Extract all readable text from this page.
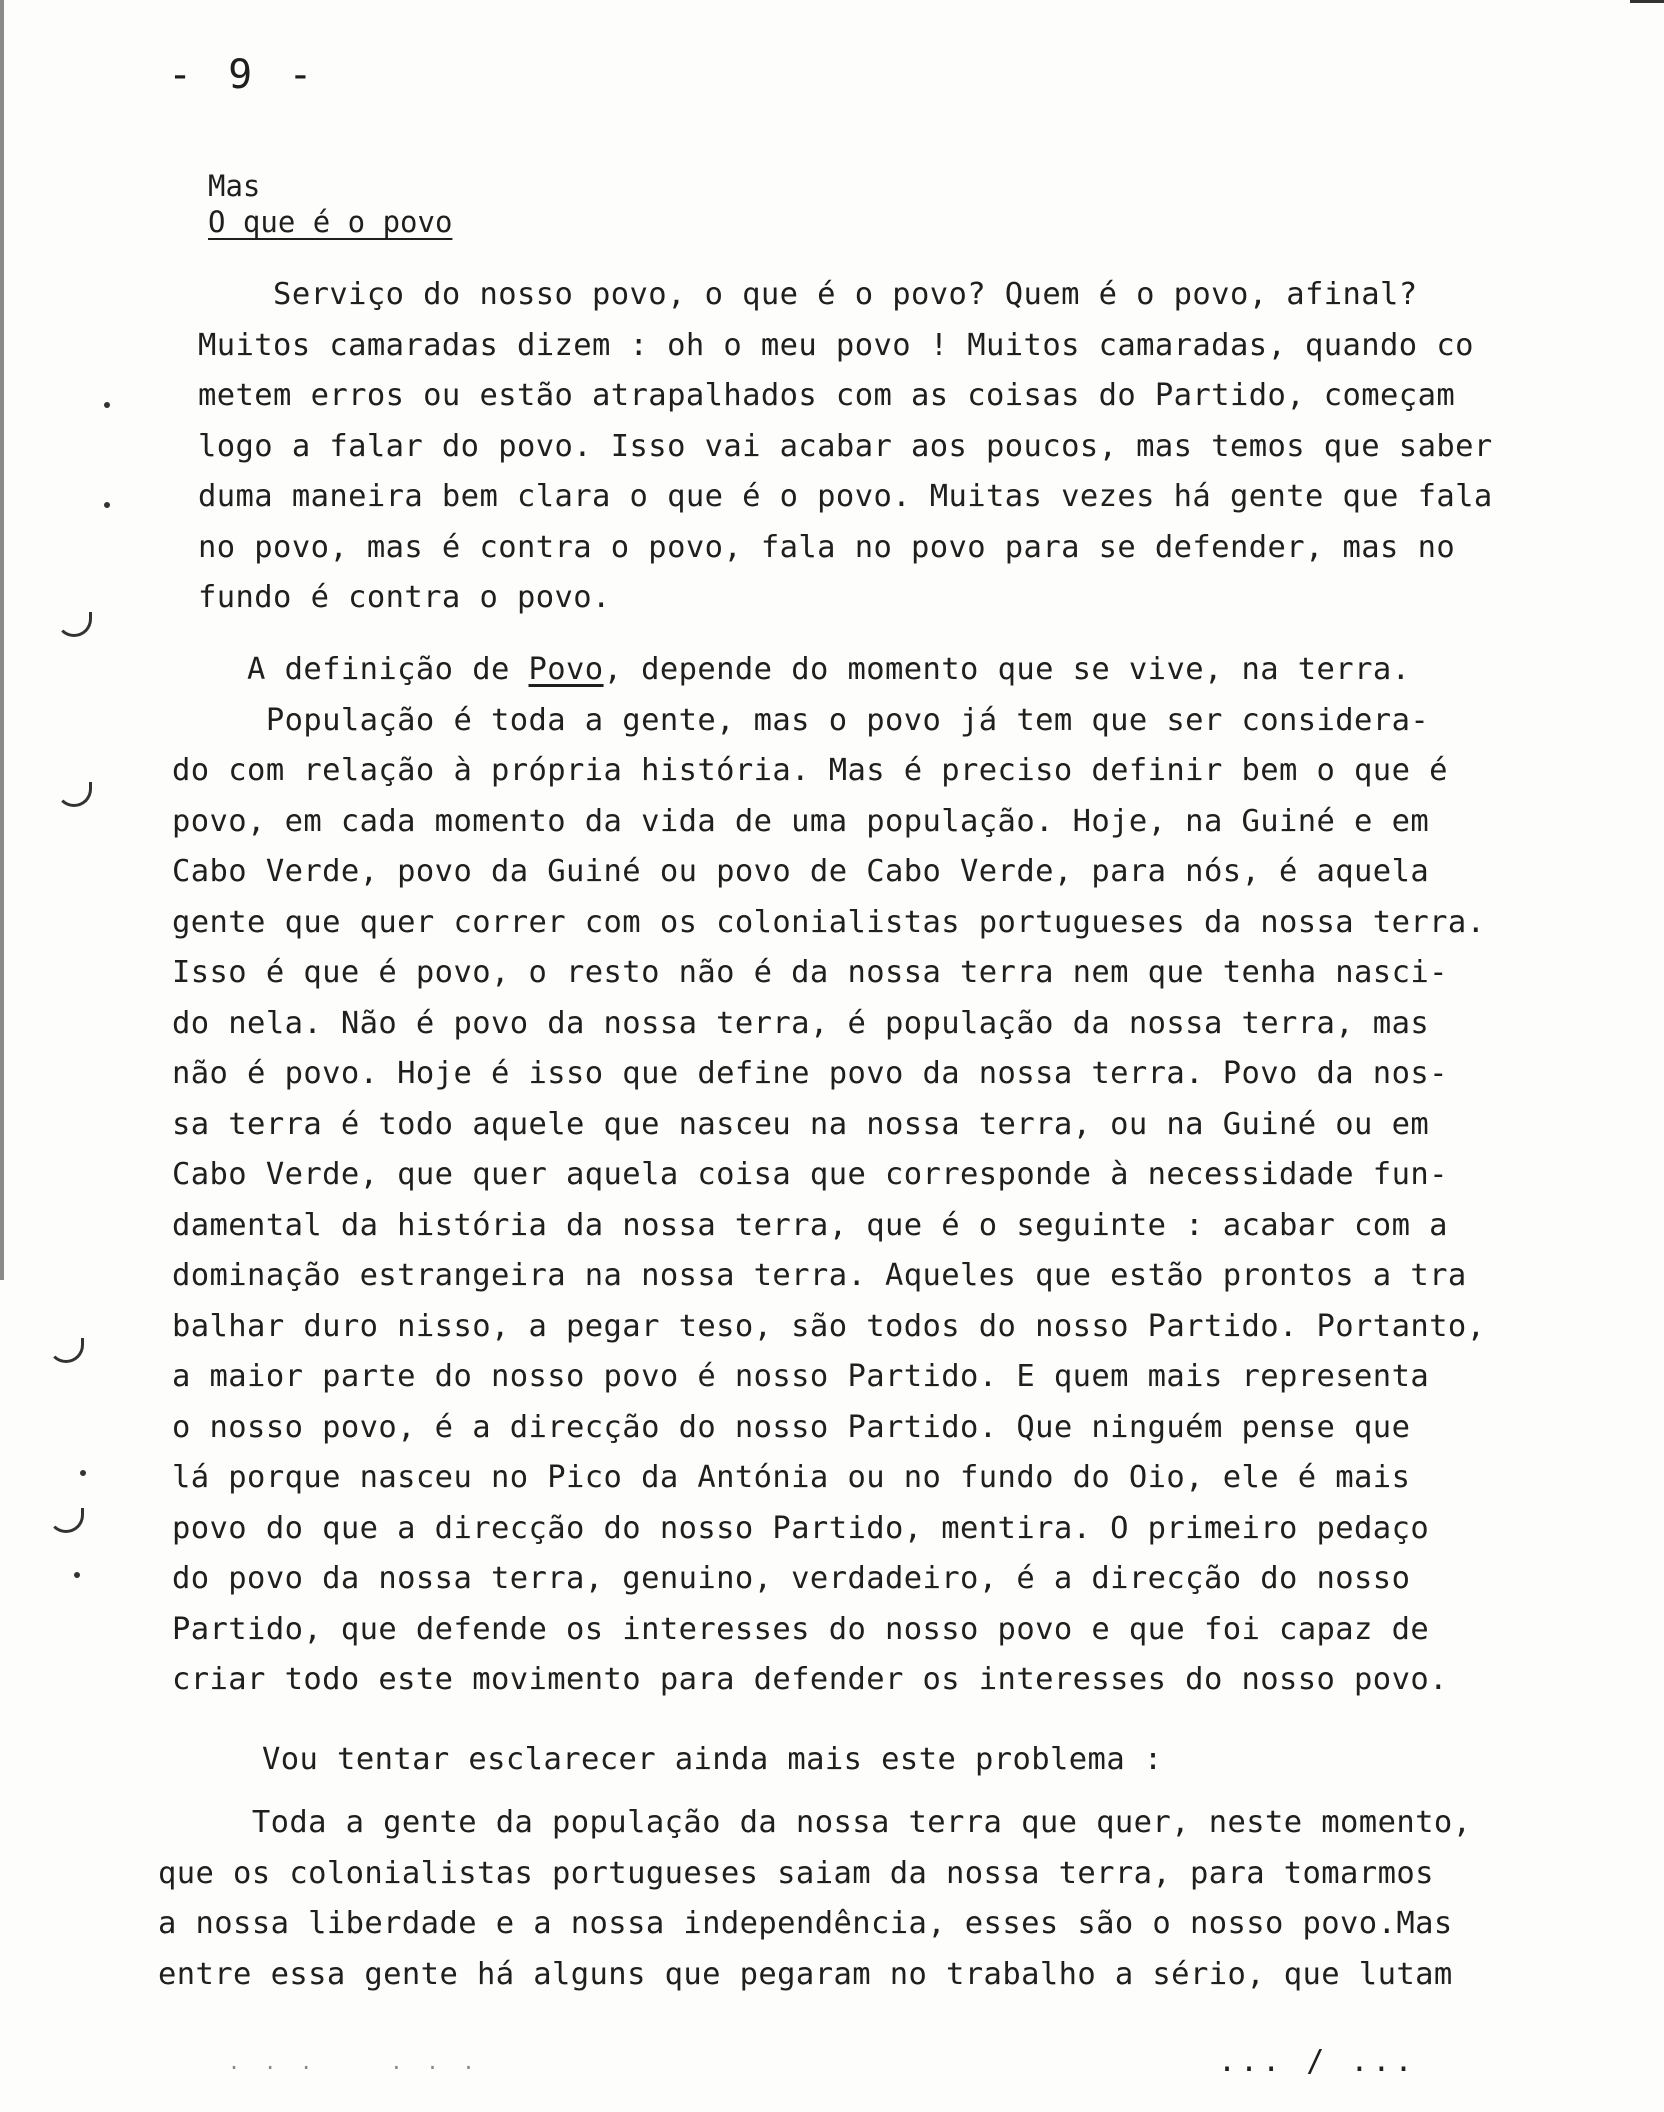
- 9 -
Mas
O que é o povo
Serviço do nosso povo, o que é o povo? Quem é o povo, afinal?
Muitos camaradas dizem : oh o meu povo ! Muitos camaradas, quando co
metem erros ou estão atrapalhados com as coisas do Partido, começam
logo a falar do povo. Isso vai acabar aos poucos, mas temos que saber
duma maneira bem clara o que é o povo. Muitas vezes há gente que fala
no povo, mas é contra o povo, fala no povo para se defender, mas no
fundo é contra o povo.
A definição de Povo, depende do momento que se vive, na terra.
População é toda a gente, mas o povo já tem que ser considera-
do com relação à própria história. Mas é preciso definir bem o que é
povo, em cada momento da vida de uma população. Hoje, na Guiné e em
Cabo Verde, povo da Guiné ou povo de Cabo Verde, para nós, é aquela
gente que quer correr com os colonialistas portugueses da nossa terra.
Isso é que é povo, o resto não é da nossa terra nem que tenha nasci-
do nela. Não é povo da nossa terra, é população da nossa terra, mas
não é povo. Hoje é isso que define povo da nossa terra. Povo da nos-
sa terra é todo aquele que nasceu na nossa terra, ou na Guiné ou em
Cabo Verde, que quer aquela coisa que corresponde à necessidade fun-
damental da história da nossa terra, que é o seguinte : acabar com a
dominação estrangeira na nossa terra. Aqueles que estão prontos a tra
balhar duro nisso, a pegar teso, são todos do nosso Partido. Portanto,
a maior parte do nosso povo é nosso Partido. E quem mais representa
o nosso povo, é a direcção do nosso Partido. Que ninguém pense que
lá porque nasceu no Pico da Antónia ou no fundo do Oio, ele é mais
povo do que a direcção do nosso Partido, mentira. O primeiro pedaço
do povo da nossa terra, genuino, verdadeiro, é a direcção do nosso
Partido, que defende os interesses do nosso povo e que foi capaz de
criar todo este movimento para defender os interesses do nosso povo.
Vou tentar esclarecer ainda mais este problema :
Toda a gente da população da nossa terra que quer, neste momento,
que os colonialistas portugueses saiam da nossa terra, para tomarmos
a nossa liberdade e a nossa independência, esses são o nosso povo.Mas
entre essa gente há alguns que pegaram no trabalho a sério, que lutam
... / ...
. . .    . . .
